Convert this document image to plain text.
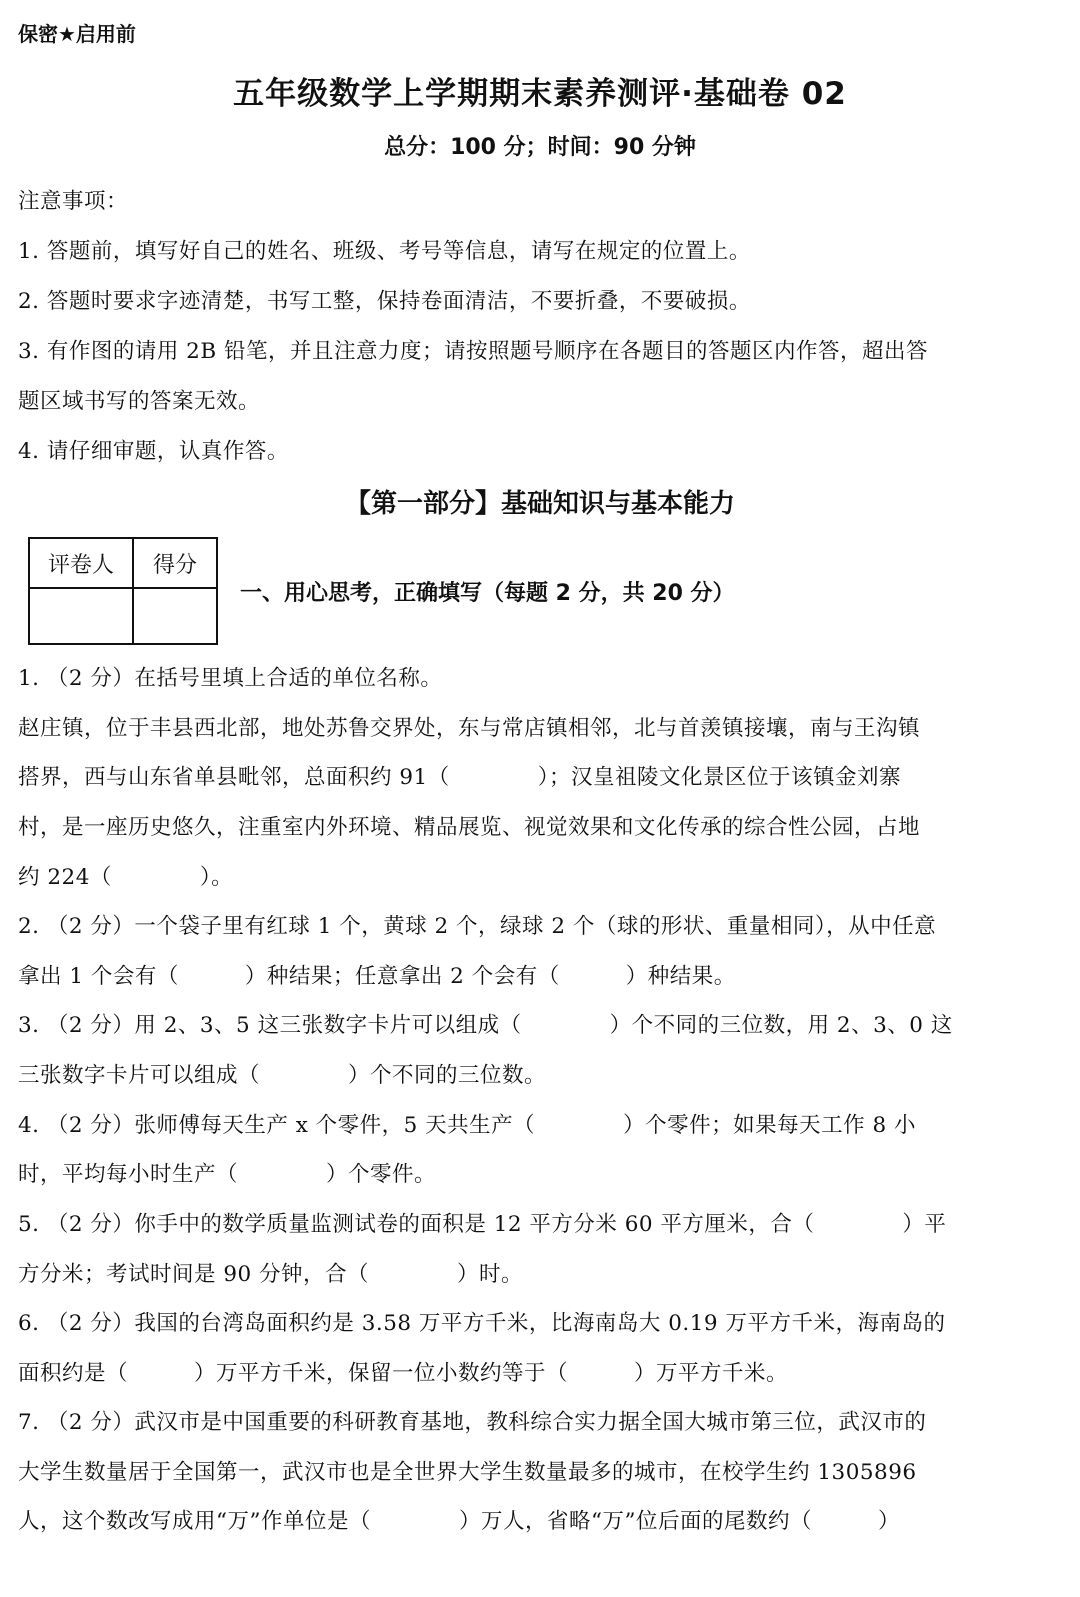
保密★启用前
五年级数学上学期期末素养测评·基础卷 02
总分：100 分；时间：90 分钟
注意事项：
1. 答题前，填写好自己的姓名、班级、考号等信息，请写在规定的位置上。
2. 答题时要求字迹清楚，书写工整，保持卷面清洁，不要折叠，不要破损。
3. 有作图的请用 2B 铅笔，并且注意力度；请按照题号顺序在各题目的答题区内作答，超出答
题区域书写的答案无效。
4. 请仔细审题，认真作答。
【第一部分】基础知识与基本能力
评卷人	得分

一、用心思考，正确填写（每题 2 分，共 20 分）
1. （2 分）在括号里填上合适的单位名称。
赵庄镇，位于丰县西北部，地处苏鲁交界处，东与常店镇相邻，北与首羡镇接壤，南与王沟镇
搭界，西与山东省单县毗邻，总面积约 91（　　　　）；汉皇祖陵文化景区位于该镇金刘寨
村，是一座历史悠久，注重室内外环境、精品展览、视觉效果和文化传承的综合性公园，占地
约 224（　　　　）。
2. （2 分）一个袋子里有红球 1 个，黄球 2 个，绿球 2 个（球的形状、重量相同），从中任意
拿出 1 个会有（　　　）种结果；任意拿出 2 个会有（　　　）种结果。
3. （2 分）用 2、3、5 这三张数字卡片可以组成（　　　　）个不同的三位数，用 2、3、0 这
三张数字卡片可以组成（　　　　）个不同的三位数。
4. （2 分）张师傅每天生产 x 个零件，5 天共生产（　　　　）个零件；如果每天工作 8 小
时，平均每小时生产（　　　　）个零件。
5. （2 分）你手中的数学质量监测试卷的面积是 12 平方分米 60 平方厘米，合（　　　　）平
方分米；考试时间是 90 分钟，合（　　　　）时。
6. （2 分）我国的台湾岛面积约是 3.58 万平方千米，比海南岛大 0.19 万平方千米，海南岛的
面积约是（　　　）万平方千米，保留一位小数约等于（　　　）万平方千米。
7. （2 分）武汉市是中国重要的科研教育基地，教科综合实力据全国大城市第三位，武汉市的
大学生数量居于全国第一，武汉市也是全世界大学生数量最多的城市，在校学生约 1305896
人，这个数改写成用“万”作单位是（　　　　）万人，省略“万”位后面的尾数约（　　　）
